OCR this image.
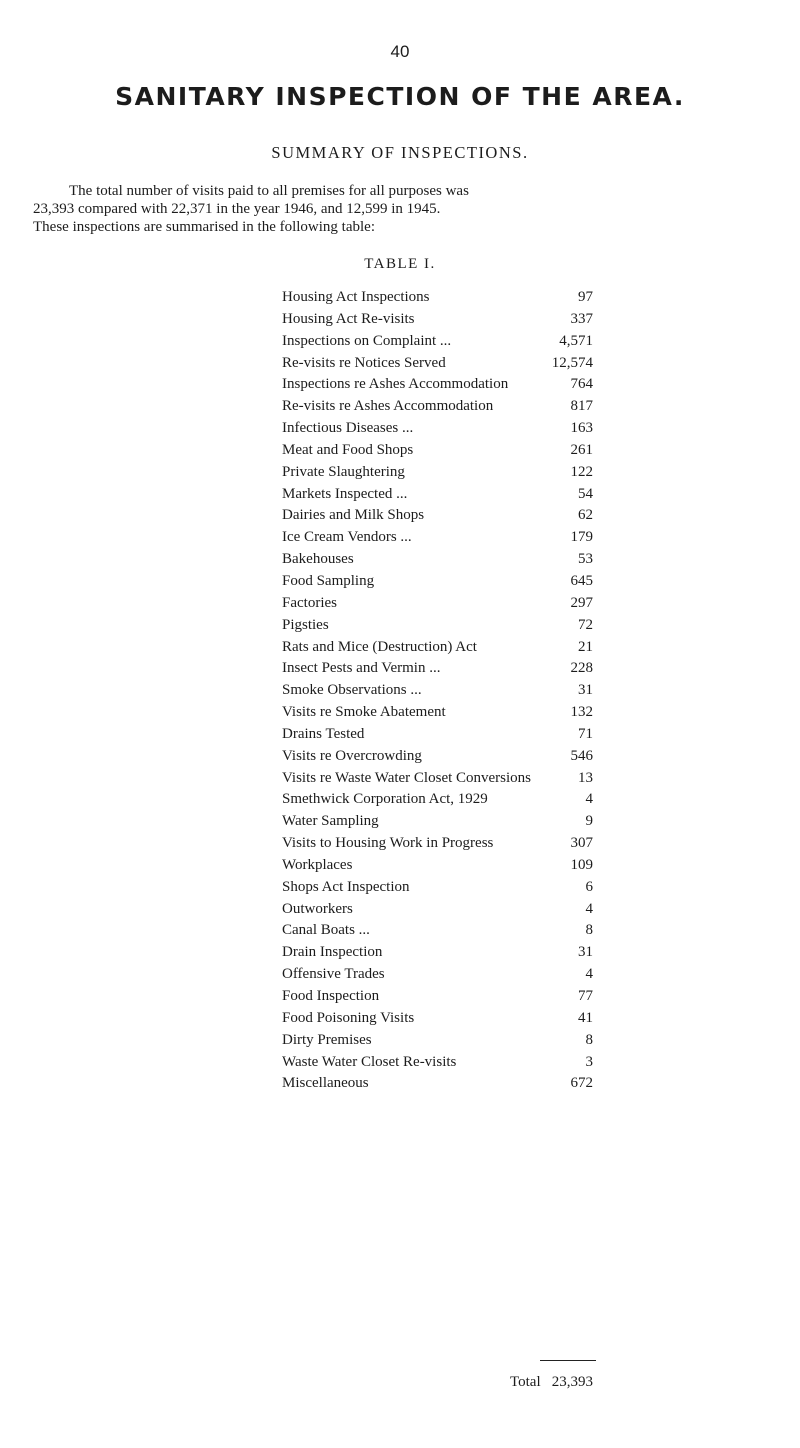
40
SANITARY INSPECTION OF THE AREA.
SUMMARY OF INSPECTIONS.

The total number of visits paid to all premises for all purposes was
23,393 compared with 22,371 in the year 1946, and 12,599 in 1945.
These inspections are summarised in the following table:

TABLE I.
Housing Act Inspections	97
Housing Act Re-visits	337
Inspections on Complaint ...	4,571
Re-visits re Notices Served	12,574
Inspections re Ashes Accommodation	764
Re-visits re Ashes Accommodation	817
Infectious Diseases ...	163
Meat and Food Shops	261
Private Slaughtering	122
Markets Inspected ...	54
Dairies and Milk Shops	62
Ice Cream Vendors ...	179
Bakehouses	53
Food Sampling	645
Factories	297
Pigsties	72
Rats and Mice (Destruction) Act	21
Insect Pests and Vermin ...	228
Smoke Observations ...	31
Visits re Smoke Abatement	132
Drains Tested	71
Visits re Overcrowding	546
Visits re Waste Water Closet Conversions	13
Smethwick Corporation Act, 1929	4
Water Sampling	9
Visits to Housing Work in Progress	307
Workplaces	109
Shops Act Inspection	6
Outworkers	4
Canal Boats ...	8
Drain Inspection	31
Offensive Trades	4
Food Inspection	77
Food Poisoning Visits	41
Dirty Premises	8
Waste Water Closet Re-visits	3
Miscellaneous	672
Total 23,393
